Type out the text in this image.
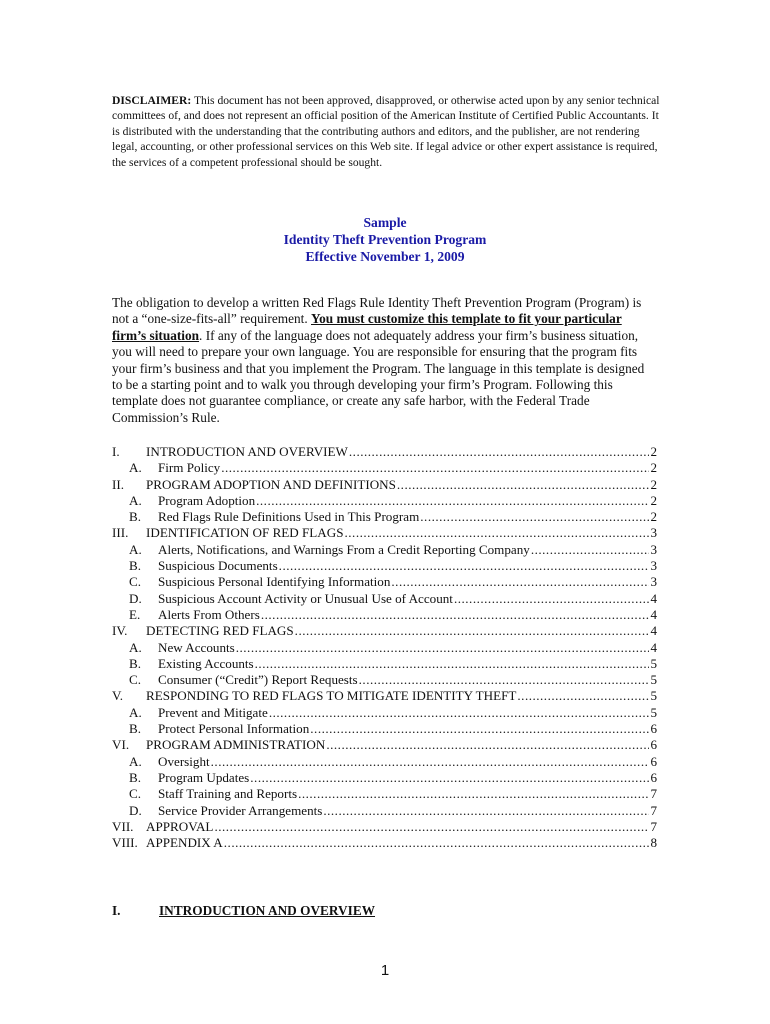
DISCLAIMER: This document has not been approved, disapproved, or otherwise acted upon by any senior technical committees of, and does not represent an official position of the American Institute of Certified Public Accountants. It is distributed with the understanding that the contributing authors and editors, and the publisher, are not rendering legal, accounting, or other professional services on this Web site. If legal advice or other expert assistance is required, the services of a competent professional should be sought.
Sample
Identity Theft Prevention Program
Effective November 1, 2009
The obligation to develop a written Red Flags Rule Identity Theft Prevention Program (Program) is not a “one-size-fits-all” requirement. You must customize this template to fit your particular firm’s situation. If any of the language does not adequately address your firm’s business situation, you will need to prepare your own language. You are responsible for ensuring that the program fits your firm’s business and that you implement the Program. The language in this template is designed to be a starting point and to walk you through developing your firm’s Program. Following this template does not guarantee compliance, or create any safe harbor, with the Federal Trade Commission’s Rule.
I. INTRODUCTION AND OVERVIEW .....	2
A. Firm Policy .....	2
II. PROGRAM ADOPTION AND DEFINITIONS .....	2
A. Program Adoption .....	2
B. Red Flags Rule Definitions Used in This Program .....	2
III. IDENTIFICATION OF RED FLAGS .....	3
A. Alerts, Notifications, and Warnings From a Credit Reporting Company .....	3
B. Suspicious Documents .....	3
C. Suspicious Personal Identifying Information .....	3
D. Suspicious Account Activity or Unusual Use of Account .....	4
E. Alerts From Others .....	4
IV. DETECTING RED FLAGS .....	4
A. New Accounts .....	4
B. Existing Accounts .....	5
C. Consumer (“Credit”) Report Requests .....	5
V. RESPONDING TO RED FLAGS TO MITIGATE IDENTITY THEFT .....	5
A. Prevent and Mitigate .....	5
B. Protect Personal Information .....	6
VI. PROGRAM ADMINISTRATION .....	6
A. Oversight .....	6
B. Program Updates .....	6
C. Staff Training and Reports .....	7
D. Service Provider Arrangements .....	7
VII. APPROVAL .....	7
VIII. APPENDIX A .....	8
I.	INTRODUCTION AND OVERVIEW
1
